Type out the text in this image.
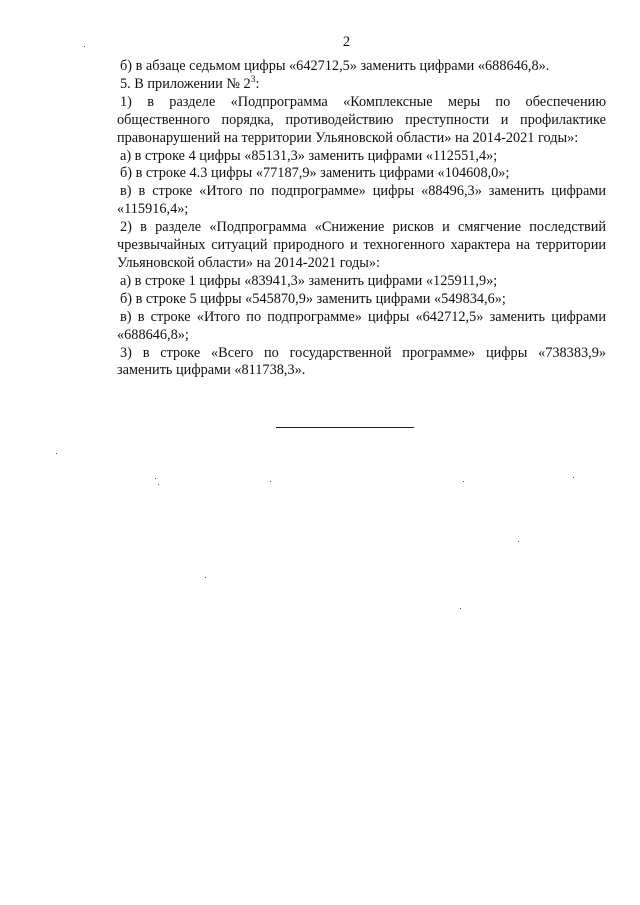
2

б) в абзаце седьмом цифры «642712,5» заменить цифрами «688646,8».

5. В приложении № $2^3$:

1) в разделе «Подпрограмма «Комплексные меры по обеспечению общественного порядка, противодействию преступности и профилактике правонарушений на территории Ульяновской области» на 2014-2021 годы»:

а) в строке 4 цифры «85131,3» заменить цифрами «112551,4»;

б) в строке 4.3 цифры «77187,9» заменить цифрами «104608,0»;

в) в строке «Итого по подпрограмме» цифры «88496,3» заменить цифрами «115916,4»;

2) в разделе «Подпрограмма «Снижение рисков и смягчение последствий чрезвычайных ситуаций природного и техногенного характера на территории Ульяновской области» на 2014-2021 годы»:

а) в строке 1 цифры «83941,3» заменить цифрами «125911,9»;

б) в строке 5 цифры «545870,9» заменить цифрами «549834,6»;

в) в строке «Итого по подпрограмме» цифры «642712,5» заменить цифрами «688646,8»;

3) в строке «Всего по государственной программе» цифры «738383,9» заменить цифрами «811738,3».
